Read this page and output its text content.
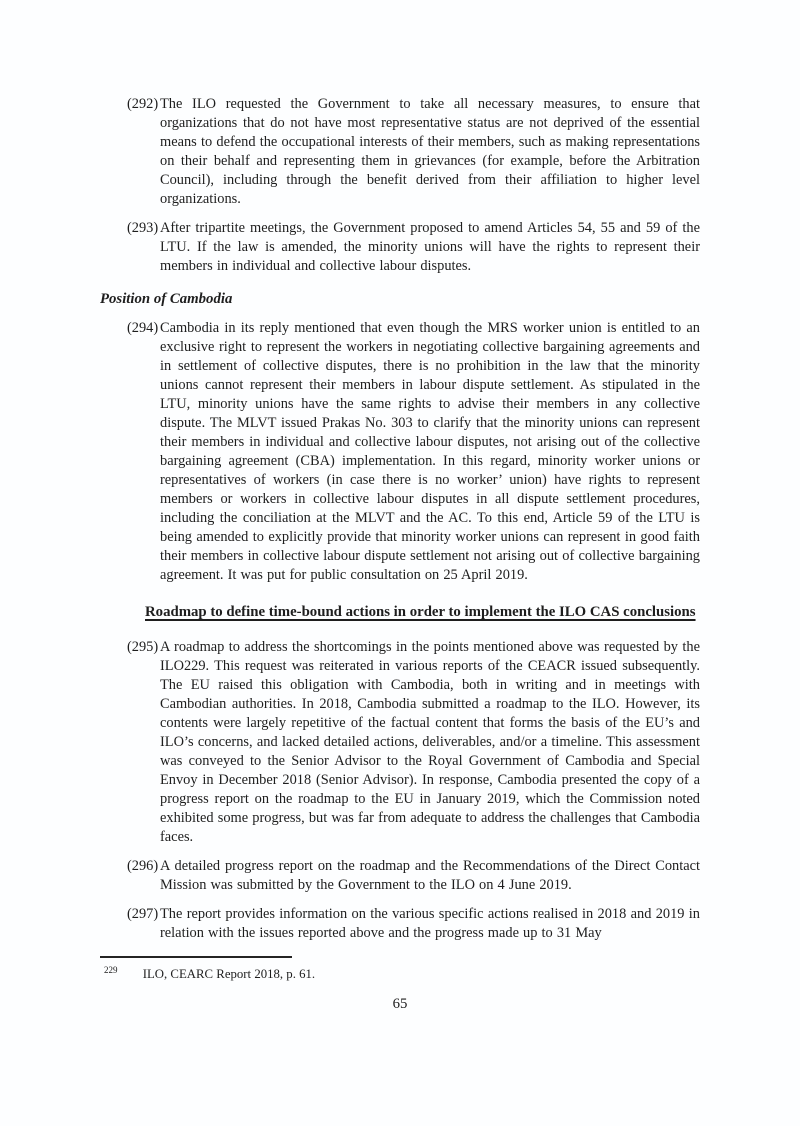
(292) The ILO requested the Government to take all necessary measures, to ensure that organizations that do not have most representative status are not deprived of the essential means to defend the occupational interests of their members, such as making representations on their behalf and representing them in grievances (for example, before the Arbitration Council), including through the benefit derived from their affiliation to higher level organizations.
(293) After tripartite meetings, the Government proposed to amend Articles 54, 55 and 59 of the LTU. If the law is amended, the minority unions will have the rights to represent their members in individual and collective labour disputes.
Position of Cambodia
(294) Cambodia in its reply mentioned that even though the MRS worker union is entitled to an exclusive right to represent the workers in negotiating collective bargaining agreements and in settlement of collective disputes, there is no prohibition in the law that the minority unions cannot represent their members in labour dispute settlement. As stipulated in the LTU, minority unions have the same rights to advise their members in any collective dispute. The MLVT issued Prakas No. 303 to clarify that the minority unions can represent their members in individual and collective labour disputes, not arising out of the collective bargaining agreement (CBA) implementation. In this regard, minority worker unions or representatives of workers (in case there is no worker’ union) have rights to represent members or workers in collective labour disputes in all dispute settlement procedures, including the conciliation at the MLVT and the AC. To this end, Article 59 of the LTU is being amended to explicitly provide that minority worker unions can represent in good faith their members in collective labour dispute settlement not arising out of collective bargaining agreement. It was put for public consultation on 25 April 2019.
Roadmap to define time-bound actions in order to implement the ILO CAS conclusions
(295) A roadmap to address the shortcomings in the points mentioned above was requested by the ILO229. This request was reiterated in various reports of the CEACR issued subsequently. The EU raised this obligation with Cambodia, both in writing and in meetings with Cambodian authorities. In 2018, Cambodia submitted a roadmap to the ILO. However, its contents were largely repetitive of the factual content that forms the basis of the EU’s and ILO’s concerns, and lacked detailed actions, deliverables, and/or a timeline. This assessment was conveyed to the Senior Advisor to the Royal Government of Cambodia and Special Envoy in December 2018 (Senior Advisor). In response, Cambodia presented the copy of a progress report on the roadmap to the EU in January 2019, which the Commission noted exhibited some progress, but was far from adequate to address the challenges that Cambodia faces.
(296) A detailed progress report on the roadmap and the Recommendations of the Direct Contact Mission was submitted by the Government to the ILO on 4 June 2019.
(297) The report provides information on the various specific actions realised in 2018 and 2019 in relation with the issues reported above and the progress made up to 31 May
$^{229}$ ILO, CEARC Report 2018, p. 61.
65
